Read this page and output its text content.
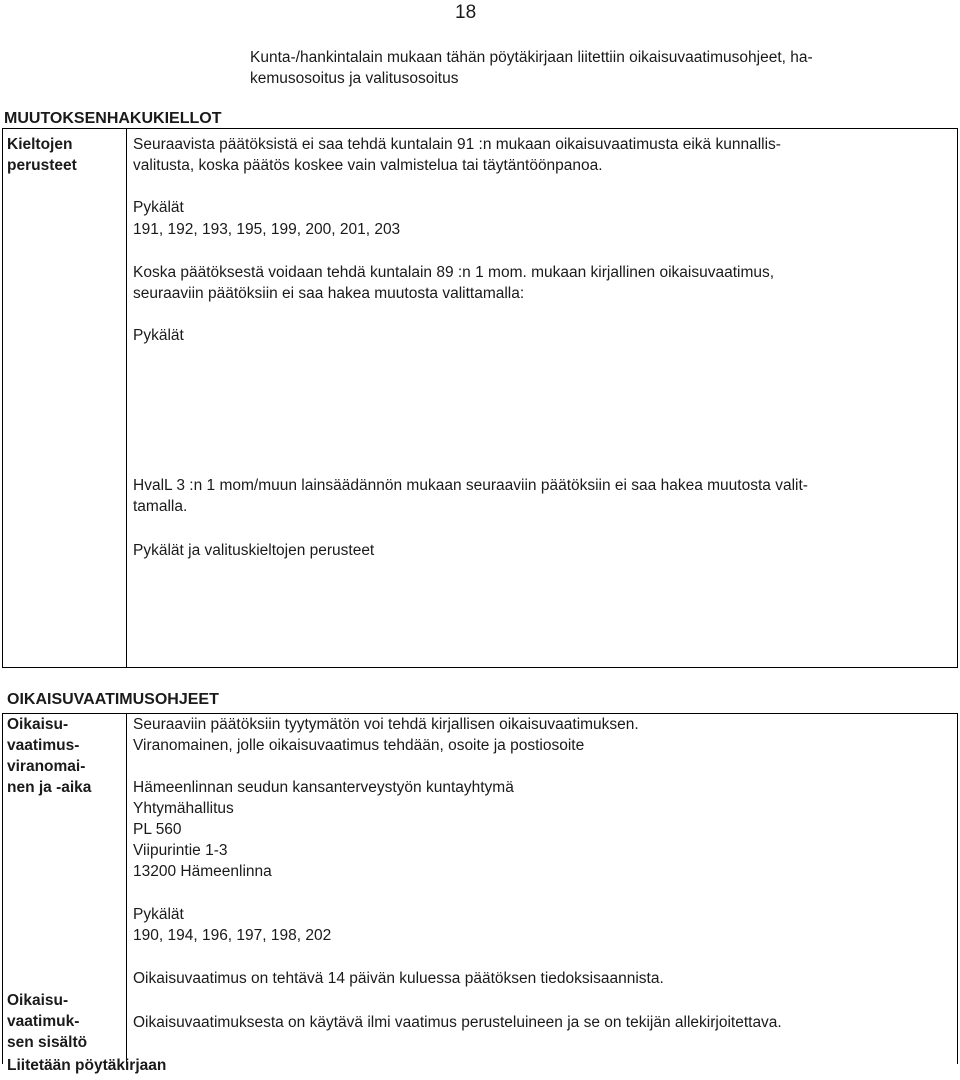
18
Kunta-/hankintalain mukaan tähän pöytäkirjaan liitettiin oikaisuvaatimusohjeet, ha-
kemusosoitus ja valitusosoitus
MUUTOKSENHAKUKIELLOT
Kieltojen
perusteet
Seuraavista päätöksistä ei saa tehdä kuntalain 91 :n mukaan oikaisuvaatimusta eikä kunnallis-
valitusta, koska päätös koskee vain valmistelua tai täytäntöönpanoa.
Pykälät
191, 192, 193, 195, 199, 200, 201, 203
Koska päätöksestä voidaan tehdä kuntalain 89 :n 1 mom. mukaan kirjallinen oikaisuvaatimus,
seuraaviin päätöksiin ei saa hakea muutosta valittamalla:
Pykälät
HvalL 3 :n 1 mom/muun lainsäädännön mukaan seuraaviin päätöksiin ei saa hakea muutosta valit-
tamalla.
Pykälät ja valituskieltojen perusteet
OIKAISUVAATIMUSOHJEET
Oikaisu-
vaatimus-
viranomai-
nen ja -aika
Seuraaviin päätöksiin tyytymätön voi tehdä kirjallisen oikaisuvaatimuksen.
Viranomainen, jolle oikaisuvaatimus tehdään, osoite ja postiosoite
Hämeenlinnan seudun kansanterveystyön kuntayhtymä
Yhtymähallitus
PL 560
Viipurintie 1-3
13200 Hämeenlinna
Pykälät
190, 194, 196, 197, 198, 202
Oikaisuvaatimus on tehtävä 14 päivän kuluessa päätöksen tiedoksisaannista.
Oikaisu-
vaatimuk-
sen sisältö
Oikaisuvaatimuksesta on käytävä ilmi vaatimus perusteluineen ja se on tekijän allekirjoitettava.
Liitetään pöytäkirjaan
